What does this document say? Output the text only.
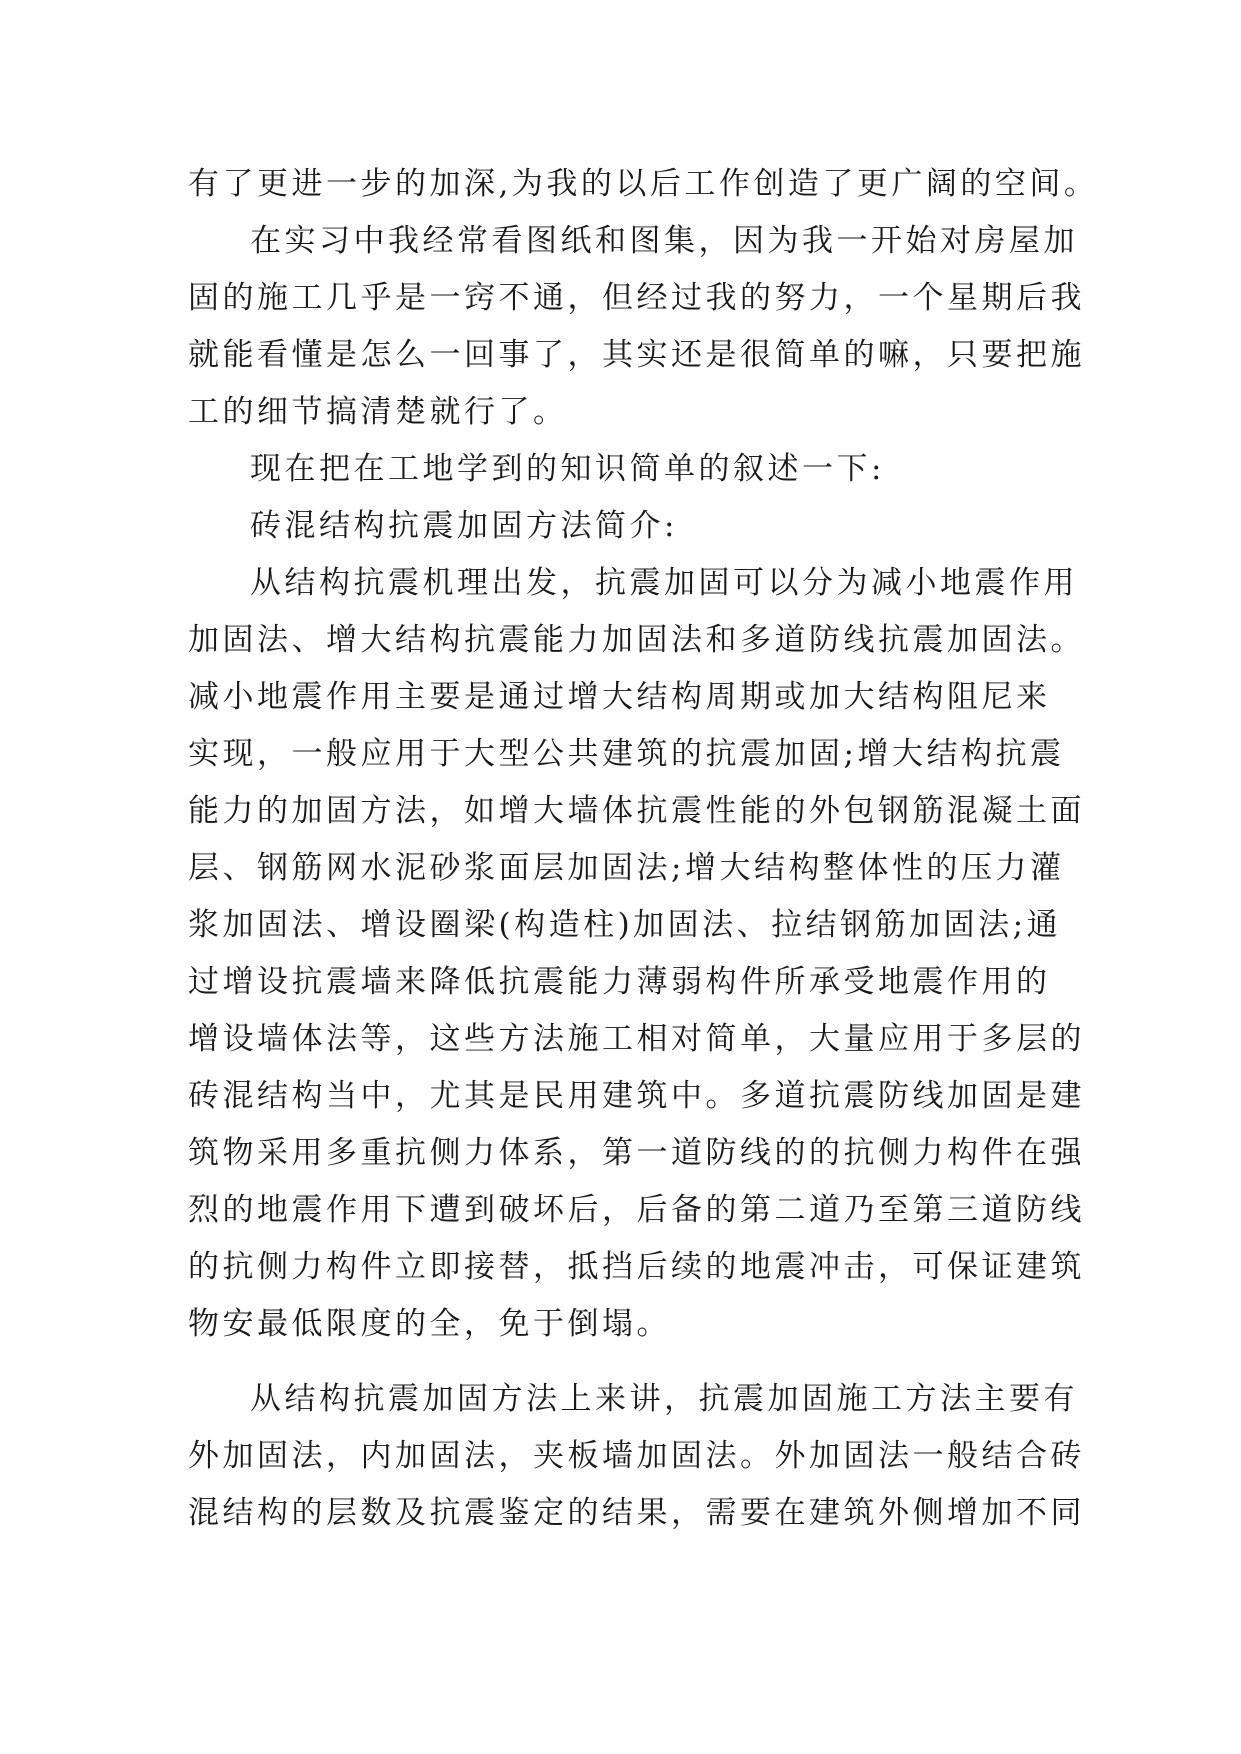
有了更进一步的加深,为我的以后工作创造了更广阔的空间。
在实习中我经常看图纸和图集，因为我一开始对房屋加
固的施工几乎是一窍不通，但经过我的努力，一个星期后我
就能看懂是怎么一回事了，其实还是很简单的嘛，只要把施
工的细节搞清楚就行了。
现在把在工地学到的知识简单的叙述一下:
砖混结构抗震加固方法简介:
从结构抗震机理出发，抗震加固可以分为减小地震作用
加固法、增大结构抗震能力加固法和多道防线抗震加固法。
减小地震作用主要是通过增大结构周期或加大结构阻尼来
实现，一般应用于大型公共建筑的抗震加固;增大结构抗震
能力的加固方法，如增大墙体抗震性能的外包钢筋混凝土面
层、钢筋网水泥砂浆面层加固法;增大结构整体性的压力灌
浆加固法、增设圈梁(构造柱)加固法、拉结钢筋加固法;通
过增设抗震墙来降低抗震能力薄弱构件所承受地震作用的
增设墙体法等，这些方法施工相对简单，大量应用于多层的
砖混结构当中，尤其是民用建筑中。多道抗震防线加固是建
筑物采用多重抗侧力体系，第一道防线的的抗侧力构件在强
烈的地震作用下遭到破坏后，后备的第二道乃至第三道防线
的抗侧力构件立即接替，抵挡后续的地震冲击，可保证建筑
物安最低限度的全，免于倒塌。
从结构抗震加固方法上来讲，抗震加固施工方法主要有
外加固法，内加固法，夹板墙加固法。外加固法一般结合砖
混结构的层数及抗震鉴定的结果，需要在建筑外侧增加不同
